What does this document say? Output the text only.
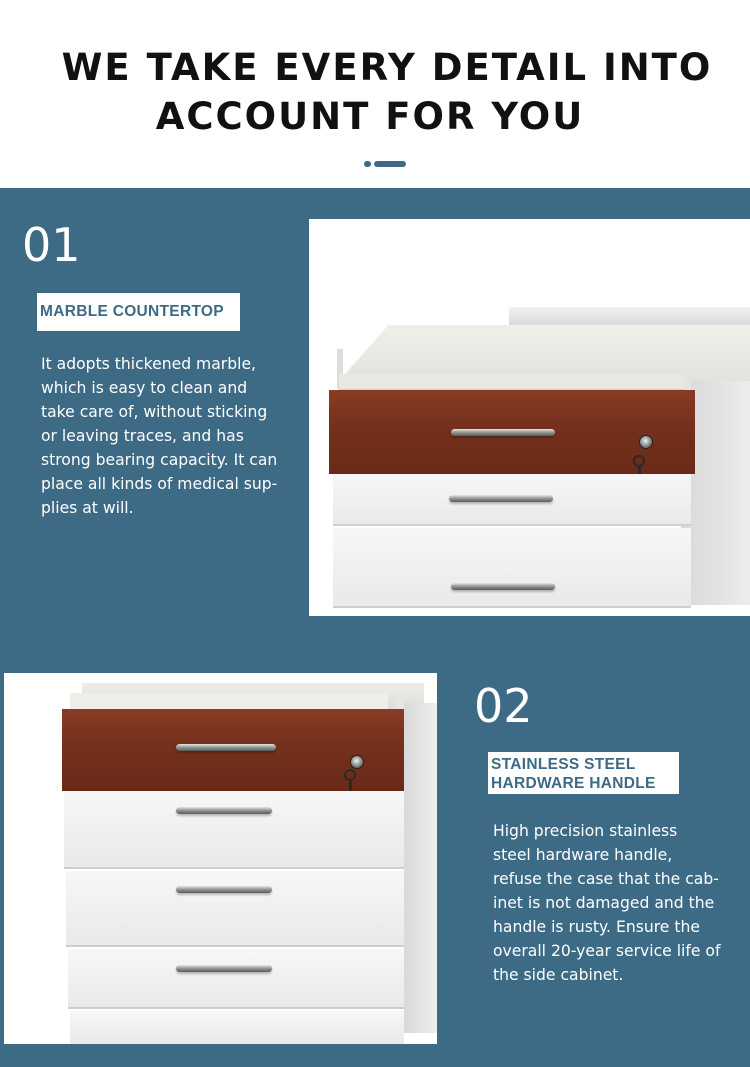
WE TAKE EVERY DETAIL INTO
ACCOUNT FOR YOU
01
MARBLE COUNTERTOP
It adopts thickened marble,
which is easy to clean and
take care of, without sticking
or leaving traces, and has
strong bearing capacity. It can
place all kinds of medical sup-
plies at will.
02
STAINLESS STEEL
HARDWARE HANDLE
High precision stainless
steel hardware handle,
refuse the case that the cab-
inet is not damaged and the
handle is rusty. Ensure the
overall 20-year service life of
the side cabinet.
